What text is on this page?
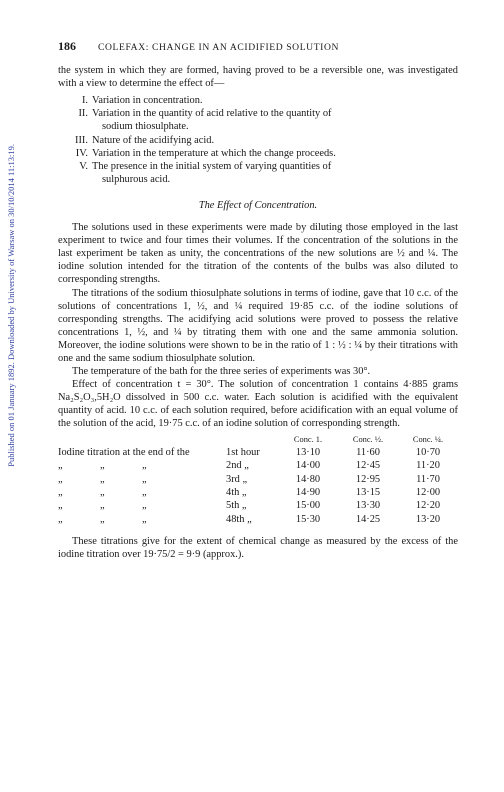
Published on 01 January 1892. Downloaded by University of Warsaw on 30/10/2014 11:13:19.
186 COLEFAX: CHANGE IN AN ACIDIFIED SOLUTION

the system in which they are formed, having proved to be a reversible one, was investigated with a view to determine the effect of—

I. Variation in concentration.
II. Variation in the quantity of acid relative to the quantity of
sodium thiosulphate.
III. Nature of the acidifying acid.
IV. Variation in the temperature at which the change proceeds.
V. The presence in the initial system of varying quantities of
sulphurous acid.
The Effect of Concentration.

The solutions used in these experiments were made by diluting those employed in the last experiment to twice and four times their volumes. If the concentration of the solutions in the last experiment be taken as unity, the concentrations of the new solutions are ½ and ¼. The iodine solution intended for the titration of the contents of the bulbs was also diluted to corresponding strengths.

The titrations of the sodium thiosulphate solutions in terms of iodine, gave that 10 c.c. of the solutions of concentrations 1, ½, and ¼ required 19·85 c.c. of the iodine solutions of corresponding strengths. The acidifying acid solutions were proved to possess the relative concentrations 1, ½, and ¼ by titrating them with one and the same ammonia solution. Moreover, the iodine solutions were shown to be in the ratio of 1 : ½ : ¼ by their titrations with one and the same sodium thiosulphate solution.

The temperature of the bath for the three series of experiments was 30°.

Effect of concentration t = 30°. The solution of concentration 1 contains 4·885 grams Na₂S₂O₃,5H₂O dissolved in 500 c.c. water. Each solution is acidified with the equivalent quantity of acid. 10 c.c. of each solution required, before acidification with an equal volume of the solution of the acid, 19·75 c.c. of an iodine solution of corresponding strength.

		Conc. 1.	Conc. ½.	Conc. ¼.
Iodine titration at the end of the	1st hour	13·10	11·60	10·70
„ „ „	2nd „	14·00	12·45	11·20
„ „ „	3rd „	14·80	12·95	11·70
„ „ „	4th „	14·90	13·15	12·00
„ „ „	5th „	15·00	13·30	12·20
„ „ „	48th „	15·30	14·25	13·20

These titrations give for the extent of chemical change as measured by the excess of the iodine titration over 19·75/2 = 9·9 (approx.).
